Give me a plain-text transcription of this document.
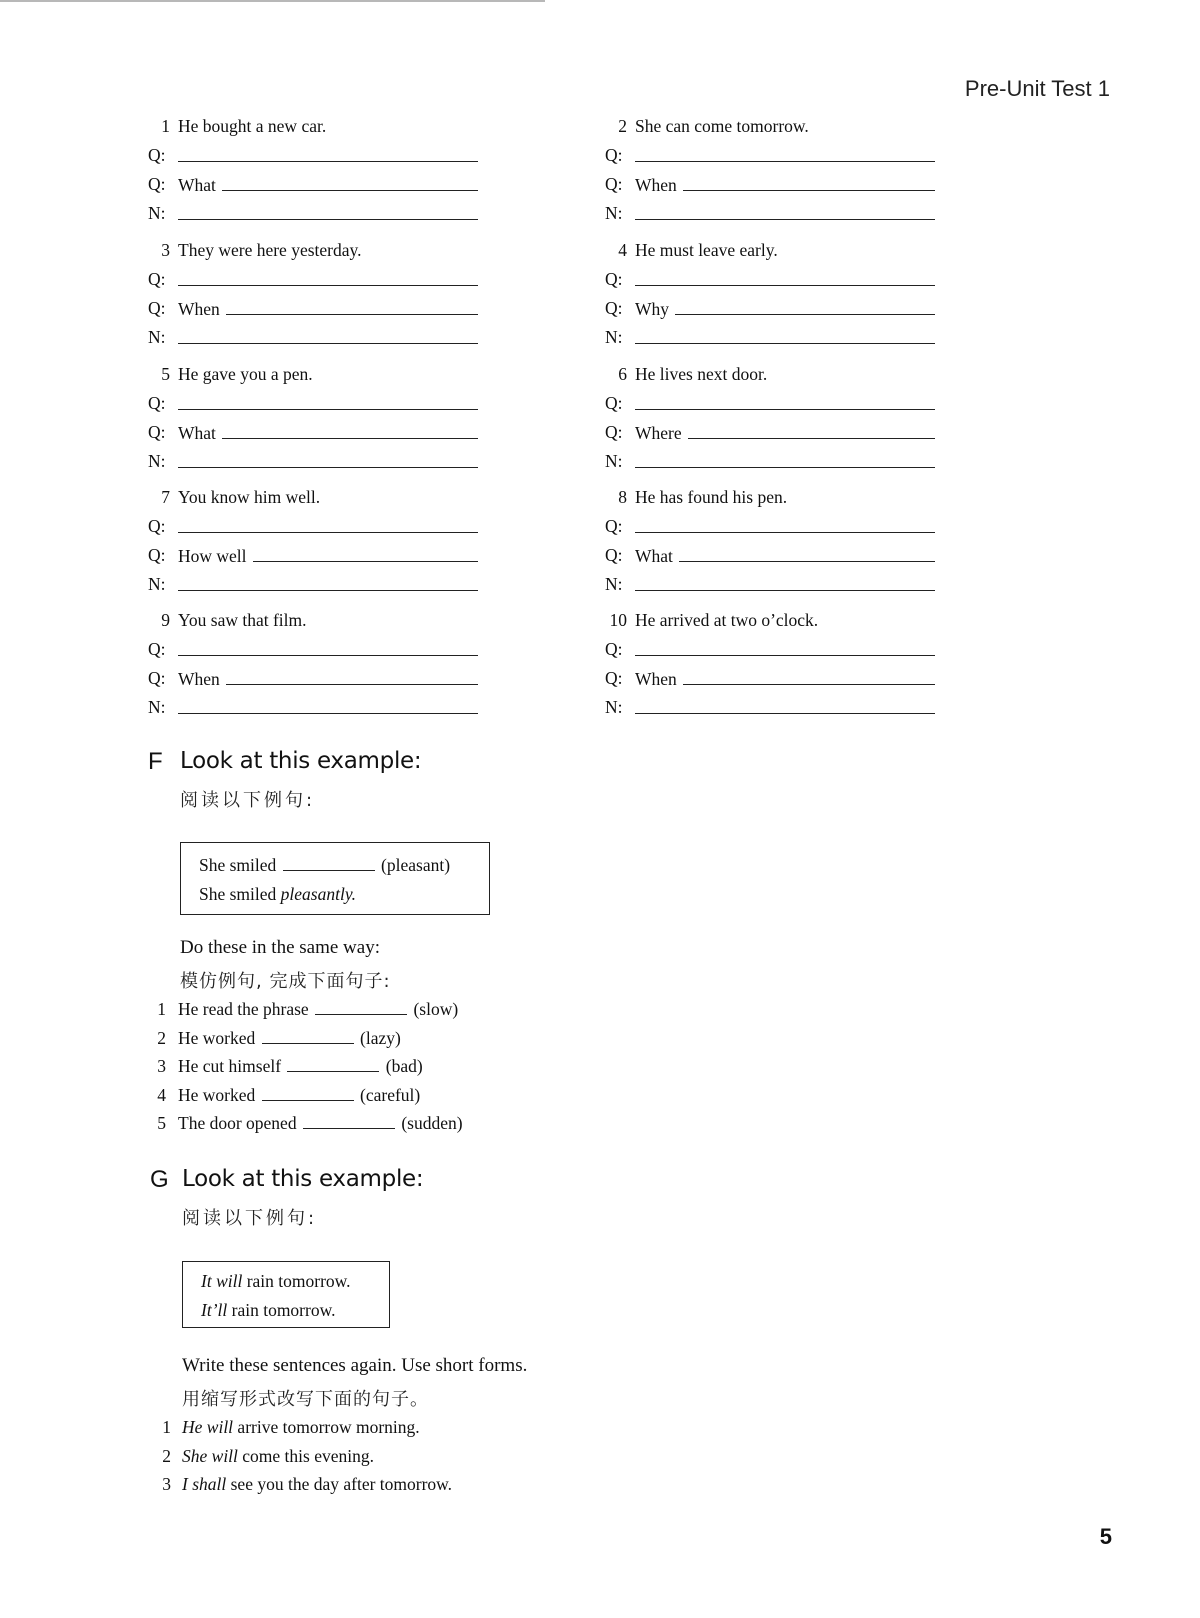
Pre-Unit Test 1
1 He bought a new car.
Q:
Q: What
N:
2 She can come tomorrow.
Q:
Q: When
N:
3 They were here yesterday.
Q:
Q: When
N:
4 He must leave early.
Q:
Q: Why
N:
5 He gave you a pen.
Q:
Q: What
N:
6 He lives next door.
Q:
Q: Where
N:
7 You know him well.
Q:
Q: How well
N:
8 He has found his pen.
Q:
Q: What
N:
9 You saw that film.
Q:
Q: When
N:
10 He arrived at two o’clock.
Q:
Q: When
N:
F Look at this example:
阅读以下例句:
She smiled	(pleasant)
She smiled pleasantly.
Do these in the same way:
模仿例句, 完成下面句子:
1 He read the phrase	(slow)
2 He worked	(lazy)
3 He cut himself	(bad)
4 He worked	(careful)
5 The door opened	(sudden)
G Look at this example:
阅读以下例句:
It will rain tomorrow.
It’ll rain tomorrow.
Write these sentences again. Use short forms.
用缩写形式改写下面的句子。
1 He will arrive tomorrow morning.
2 She will come this evening.
3 I shall see you the day after tomorrow.
5
